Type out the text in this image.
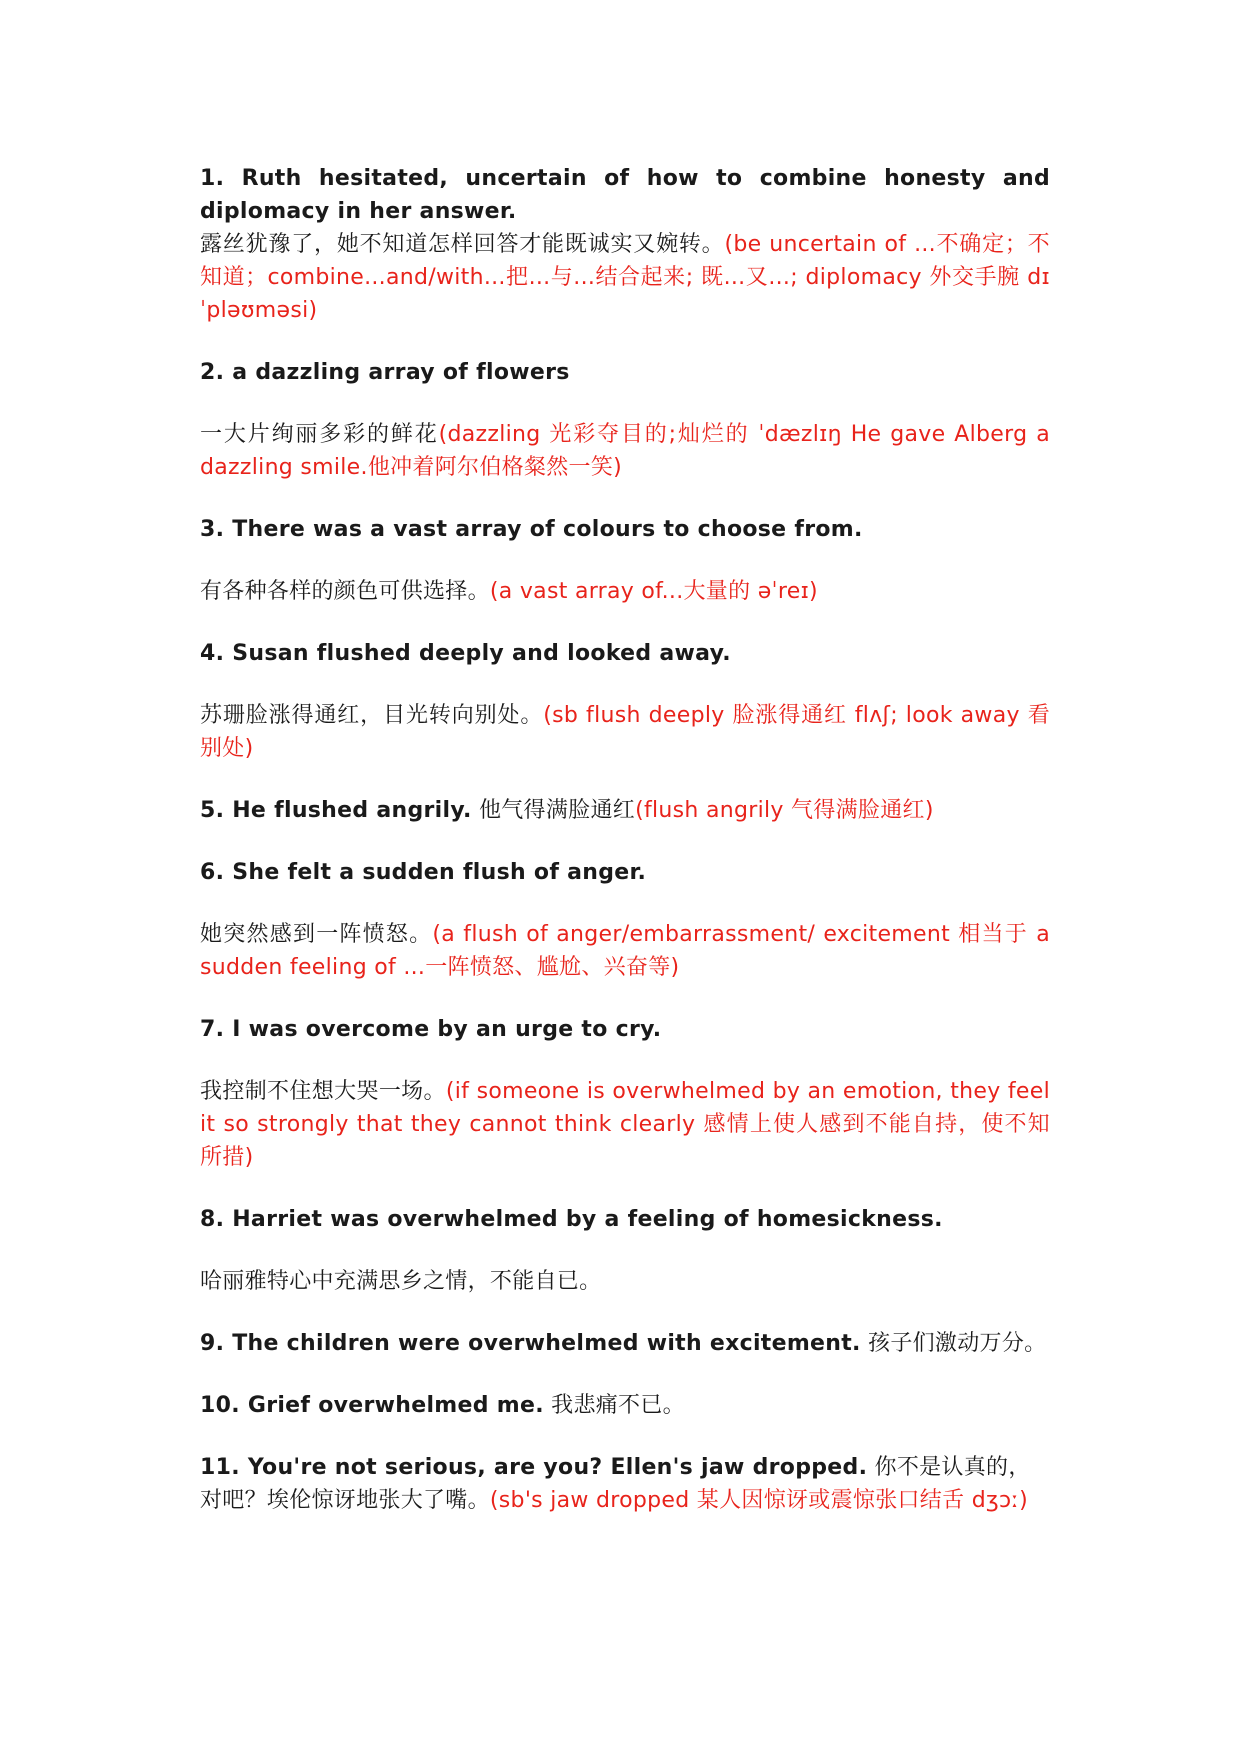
1. Ruth hesitated, uncertain of how to combine honesty and diplomacy in her answer.
露丝犹豫了，她不知道怎样回答才能既诚实又婉转。(be uncertain of ...不确定；不知道；combine...and/with...把...与...结合起来; 既...又...; diplomacy 外交手腕 dɪˈpləʊməsi)

2. a dazzling array of flowers

一大片绚丽多彩的鲜花(dazzling 光彩夺目的;灿烂的 ˈdæzlɪŋ He gave Alberg a dazzling smile.他冲着阿尔伯格粲然一笑)

3. There was a vast array of colours to choose from.

有各种各样的颜色可供选择。(a vast array of...大量的 əˈreɪ)

4. Susan flushed deeply and looked away.

苏珊脸涨得通红，目光转向别处。(sb flush deeply 脸涨得通红 flʌʃ; look away 看别处)

5. He flushed angrily. 他气得满脸通红(flush angrily 气得满脸通红)

6. She felt a sudden flush of anger.

她突然感到一阵愤怒。(a flush of anger/embarrassment/ excitement 相当于 a sudden feeling of ...一阵愤怒、尴尬、兴奋等)

7. I was overcome by an urge to cry.

我控制不住想大哭一场。(if someone is overwhelmed by an emotion, they feel it so strongly that they cannot think clearly 感情上使人感到不能自持，使不知所措)

8. Harriet was overwhelmed by a feeling of homesickness.

哈丽雅特心中充满思乡之情，不能自已。

9. The children were overwhelmed with excitement. 孩子们激动万分。

10. Grief overwhelmed me. 我悲痛不已。

11. You're not serious, are you? Ellen's jaw dropped. 你不是认真的，对吧？埃伦惊讶地张大了嘴。(sb's jaw dropped 某人因惊讶或震惊张口结舌 dʒɔː)
